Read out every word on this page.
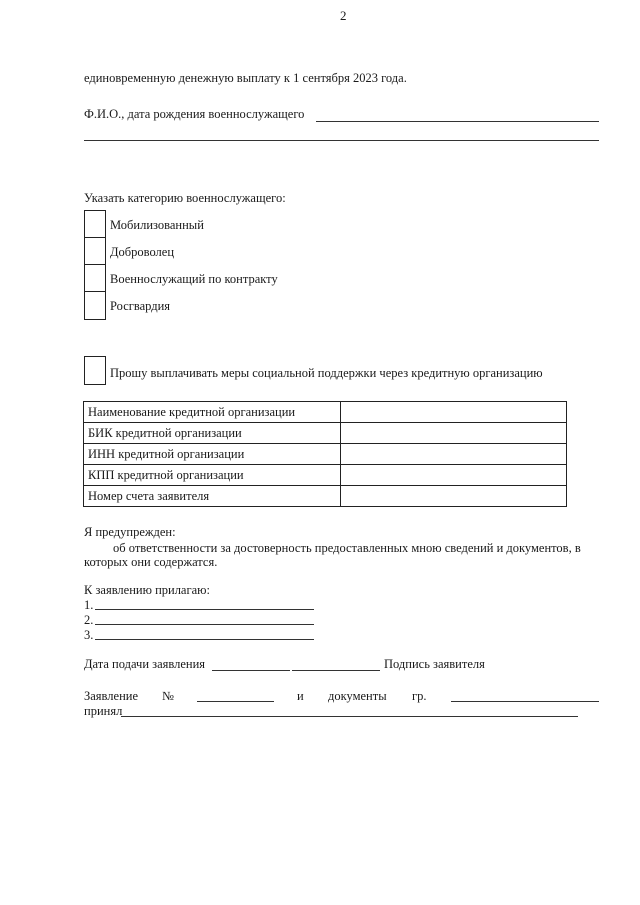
2
единовременную денежную выплату к 1 сентября 2023 года.
Ф.И.О., дата рождения военнослужащего
Указать категорию военнослужащего:
Мобилизованный
Доброволец
Военнослужащий по контракту
Росгвардия
Прошу выплачивать меры социальной поддержки через кредитную организацию
Наименование кредитной организации	
БИК кредитной организации	
ИНН кредитной организации	
КПП кредитной организации	
Номер счета заявителя	
Я предупрежден:
об ответственности за достоверность предоставленных мною сведений и документов, в
которых они содержатся.
К заявлению прилагаю:
1.
2.
3.
Дата подачи заявления	Подпись заявителя
Заявление №	и документы гр.
принял
